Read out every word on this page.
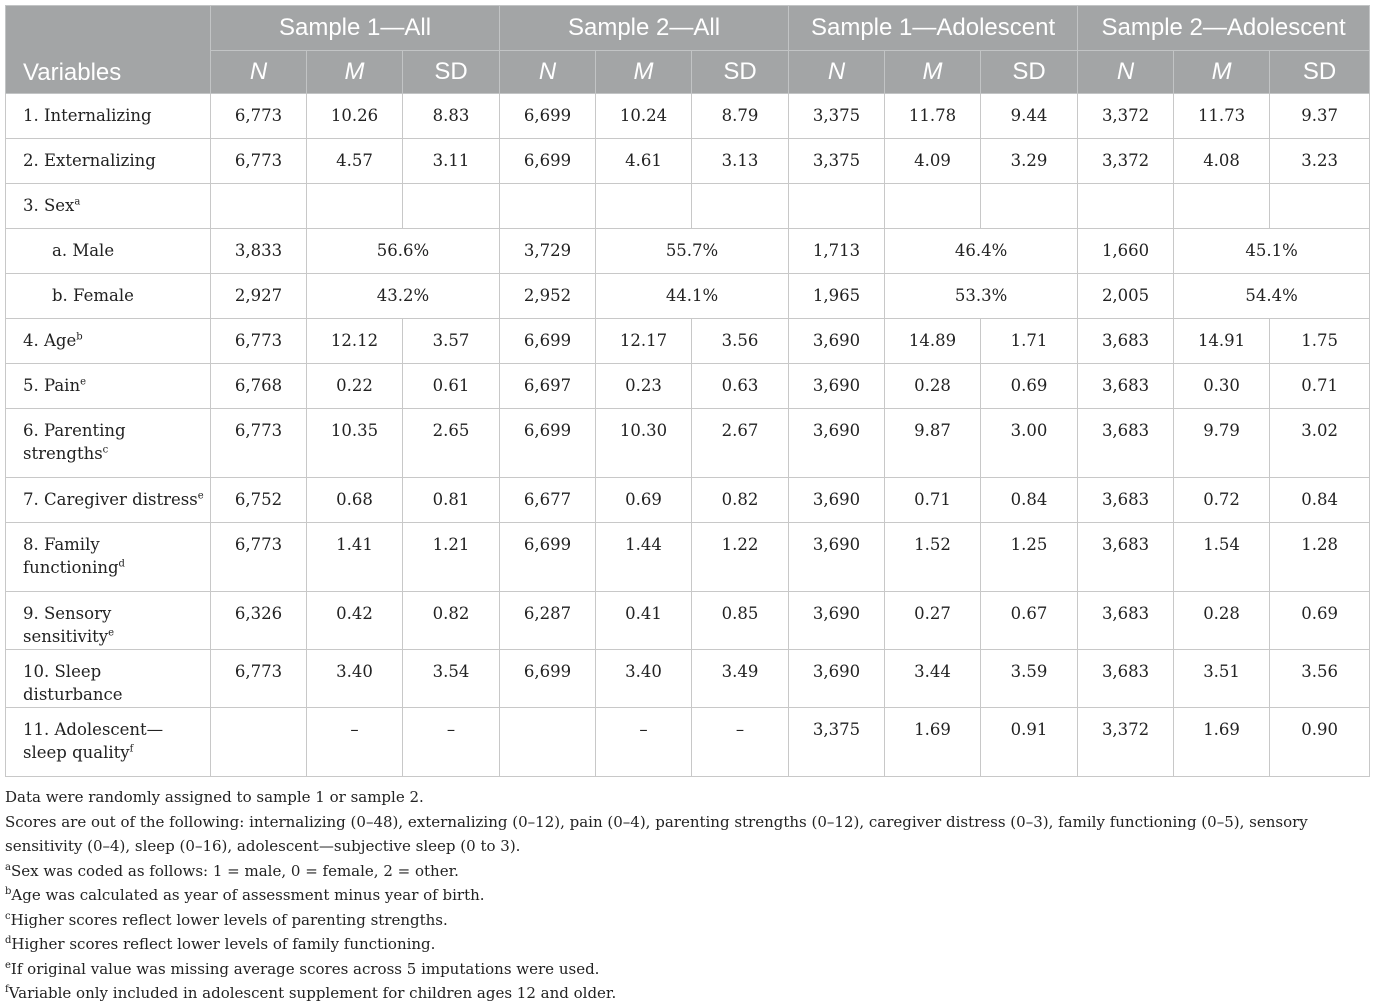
Variables	Sample 1—All			Sample 2—All			Sample 1—Adolescent			Sample 2—Adolescent		
	N	M	SD	N	M	SD	N	M	SD	N	M	SD
1. Internalizing	6,773	10.26	8.83	6,699	10.24	8.79	3,375	11.78	9.44	3,372	11.73	9.37
2. Externalizing	6,773	4.57	3.11	6,699	4.61	3.13	3,375	4.09	3.29	3,372	4.08	3.23
3. Sex$^a$												
a. Male	3,833	56.6%		3,729	55.7%		1,713	46.4%		1,660	45.1%	
b. Female	2,927	43.2%		2,952	44.1%		1,965	53.3%		2,005	54.4%	
4. Age$^b$	6,773	12.12	3.57	6,699	12.17	3.56	3,690	14.89	1.71	3,683	14.91	1.75
5. Pain$^e$	6,768	0.22	0.61	6,697	0.23	0.63	3,690	0.28	0.69	3,683	0.30	0.71
6. Parenting strengths$^c$	6,773	10.35	2.65	6,699	10.30	2.67	3,690	9.87	3.00	3,683	9.79	3.02
7. Caregiver distress$^e$	6,752	0.68	0.81	6,677	0.69	0.82	3,690	0.71	0.84	3,683	0.72	0.84
8. Family functioning$^d$	6,773	1.41	1.21	6,699	1.44	1.22	3,690	1.52	1.25	3,683	1.54	1.28
9. Sensory sensitivity$^e$	6,326	0.42	0.82	6,287	0.41	0.85	3,690	0.27	0.67	3,683	0.28	0.69
10. Sleep disturbance	6,773	3.40	3.54	6,699	3.40	3.49	3,690	3.44	3.59	3,683	3.51	3.56
11. Adolescent—sleep quality$^f$		–	–		–	–	3,375	1.69	0.91	3,372	1.69	0.90

Data were randomly assigned to sample 1 or sample 2.

Scores are out of the following: internalizing (0–48), externalizing (0–12), pain (0–4), parenting strengths (0–12), caregiver distress (0–3), family functioning (0–5), sensory sensitivity (0–4), sleep (0–16), adolescent—subjective sleep (0 to 3).

$^a$Sex was coded as follows: 1 = male, 0 = female, 2 = other.

$^b$Age was calculated as year of assessment minus year of birth.

$^c$Higher scores reflect lower levels of parenting strengths.

$^d$Higher scores reflect lower levels of family functioning.

$^e$If original value was missing average scores across 5 imputations were used.

$^f$Variable only included in adolescent supplement for children ages 12 and older.
